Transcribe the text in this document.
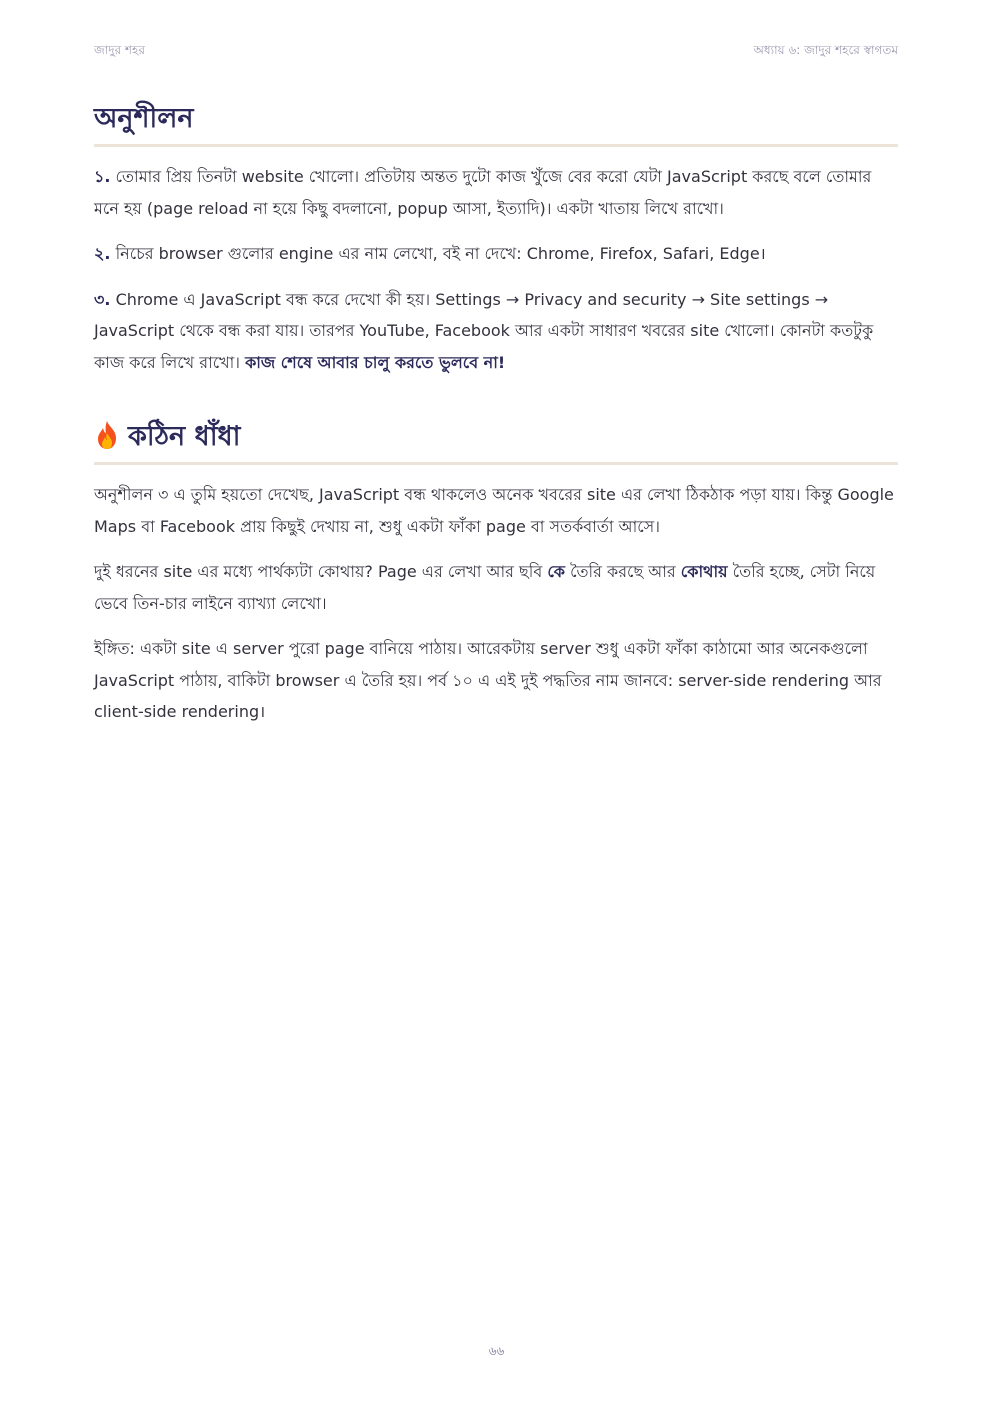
জাদুর শহর	অধ্যায় ৬: জাদুর শহরে স্বাগতম
অনুশীলন

১. তোমার প্রিয় তিনটা website খোলো। প্রতিটায় অন্তত দুটো কাজ খুঁজে বের করো যেটা JavaScript করছে বলে তোমার মনে হয় (page reload না হয়ে কিছু বদলানো, popup আসা, ইত্যাদি)। একটা খাতায় লিখে রাখো।

২. নিচের browser গুলোর engine এর নাম লেখো, বই না দেখে: Chrome, Firefox, Safari, Edge।

৩. Chrome এ JavaScript বন্ধ করে দেখো কী হয়। Settings → Privacy and security → Site settings → JavaScript থেকে বন্ধ করা যায়। তারপর YouTube, Facebook আর একটা সাধারণ খবরের site খোলো। কোনটা কতটুকু কাজ করে লিখে রাখো। কাজ শেষে আবার চালু করতে ভুলবে না!

কঠিন ধাঁধা

অনুশীলন ৩ এ তুমি হয়তো দেখেছ, JavaScript বন্ধ থাকলেও অনেক খবরের site এর লেখা ঠিকঠাক পড়া যায়। কিন্তু Google Maps বা Facebook প্রায় কিছুই দেখায় না, শুধু একটা ফাঁকা page বা সতর্কবার্তা আসে।

দুই ধরনের site এর মধ্যে পার্থক্যটা কোথায়? Page এর লেখা আর ছবি কে তৈরি করছে আর কোথায় তৈরি হচ্ছে, সেটা নিয়ে ভেবে তিন-চার লাইনে ব্যাখ্যা লেখো।

ইঙ্গিত: একটা site এ server পুরো page বানিয়ে পাঠায়। আরেকটায় server শুধু একটা ফাঁকা কাঠামো আর অনেকগুলো JavaScript পাঠায়, বাকিটা browser এ তৈরি হয়। পর্ব ১০ এ এই দুই পদ্ধতির নাম জানবে: server-side rendering আর client-side rendering।

৬৬
